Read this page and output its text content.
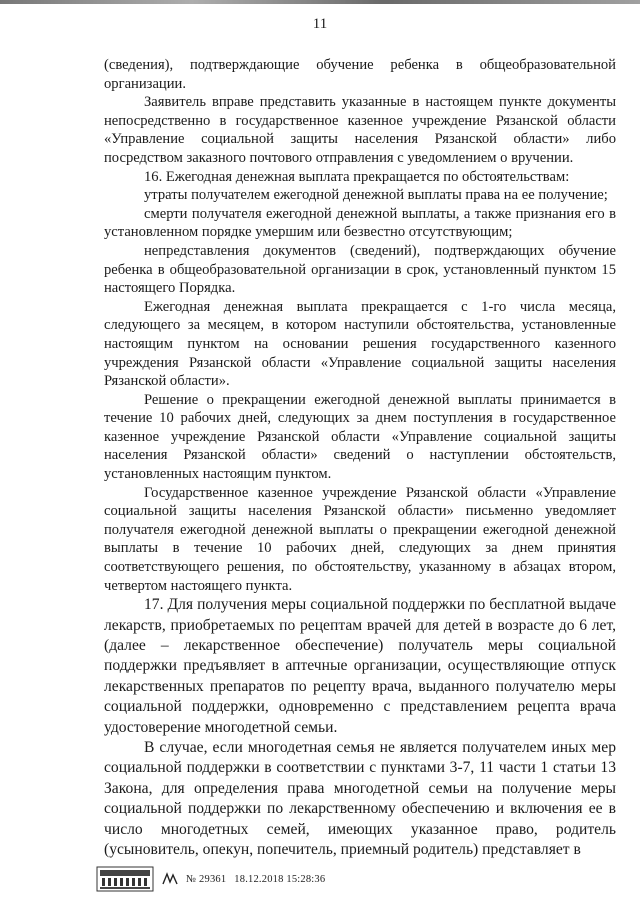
11

(сведения), подтверждающие обучение ребенка в общеобразовательной организации.

Заявитель вправе представить указанные в настоящем пункте документы непосредственно в государственное казенное учреждение Рязанской области «Управление социальной защиты населения Рязанской области» либо посредством заказного почтового отправления с уведомлением о вручении.

16. Ежегодная денежная выплата прекращается по обстоятельствам:

утраты получателем ежегодной денежной выплаты права на ее получение;

смерти получателя ежегодной денежной выплаты, а также признания его в установленном порядке умершим или безвестно отсутствующим;

непредставления документов (сведений), подтверждающих обучение ребенка в общеобразовательной организации в срок, установленный пунктом 15 настоящего Порядка.

Ежегодная денежная выплата прекращается с 1-го числа месяца, следующего за месяцем, в котором наступили обстоятельства, установленные настоящим пунктом на основании решения государственного казенного учреждения Рязанской области «Управление социальной защиты населения Рязанской области».

Решение о прекращении ежегодной денежной выплаты принимается в течение 10 рабочих дней, следующих за днем поступления в государственное казенное учреждение Рязанской области «Управление социальной защиты населения Рязанской области» сведений о наступлении обстоятельств, установленных настоящим пунктом.

Государственное казенное учреждение Рязанской области «Управление социальной защиты населения Рязанской области» письменно уведомляет получателя ежегодной денежной выплаты о прекращении ежегодной денежной выплаты в течение 10 рабочих дней, следующих за днем принятия соответствующего решения, по обстоятельству, указанному в абзацах втором, четвертом настоящего пункта.

17. Для получения меры социальной поддержки по бесплатной выдаче лекарств, приобретаемых по рецептам врачей для детей в возрасте до 6 лет, (далее – лекарственное обеспечение) получатель меры социальной поддержки предъявляет в аптечные организации, осуществляющие отпуск лекарственных препаратов по рецепту врача, выданного получателю меры социальной поддержки, одновременно с представлением рецепта врача удостоверение многодетной семьи.

В случае, если многодетная семья не является получателем иных мер социальной поддержки в соответствии с пунктами 3-7, 11 части 1 статьи 13 Закона, для определения права многодетной семьи на получение меры социальной поддержки по лекарственному обеспечению и включения ее в число многодетных семей, имеющих указанное право, родитель (усыновитель, опекун, попечитель, приемный родитель) представляет в

№ 29361 18.12.2018 15:28:36
